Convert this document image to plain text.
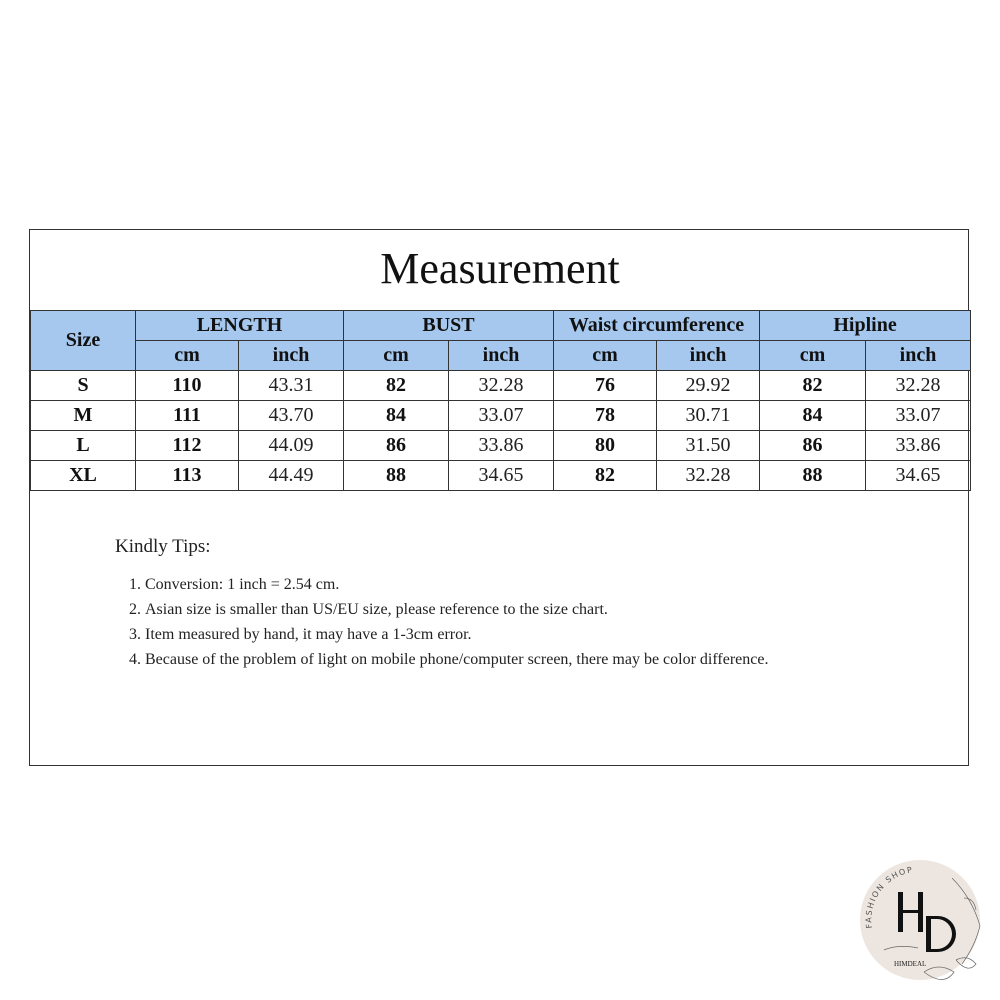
Measurement
Size	LENGTH		BUST		Waist circumference		Hipline	
	cm	inch	cm	inch	cm	inch	cm	inch
S	110	43.31	82	32.28	76	29.92	82	32.28
M	111	43.70	84	33.07	78	30.71	84	33.07
L	112	44.09	86	33.86	80	31.50	86	33.86
XL	113	44.49	88	34.65	82	32.28	88	34.65
Kindly Tips:
1. Conversion: 1 inch = 2.54 cm.
2. Asian size is smaller than US/EU size, please reference to the size chart.
3. Item measured by hand, it may have a 1-3cm error.
4. Because of the problem of light on mobile phone/computer screen, there may be color difference.
FASHION SHOP
HIMDEAL
